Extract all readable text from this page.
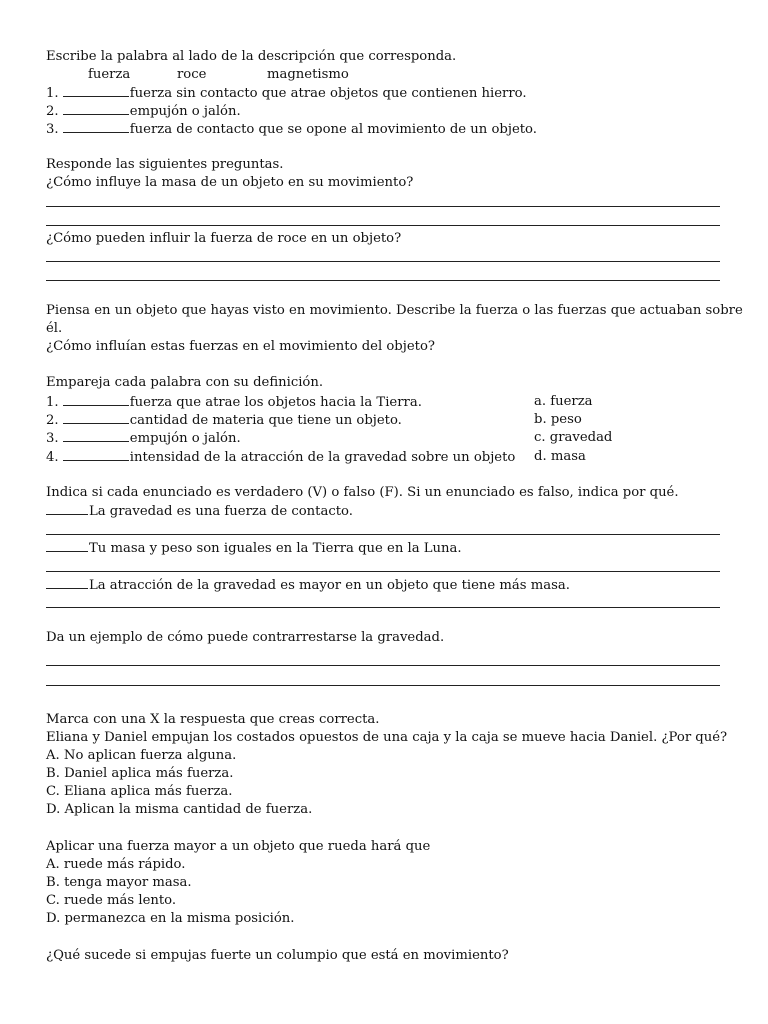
Escribe la palabra al lado de la descripción que corresponda.
fuerza	roce	magnetismo
1.	fuerza sin contacto que atrae objetos que contienen hierro.
2.	empujón o jalón.
3.	fuerza de contacto que se opone al movimiento de un objeto.
Responde las siguientes preguntas.
¿Cómo influye la masa de un objeto en su movimiento?
¿Cómo pueden influir la fuerza de roce en un objeto?
Piensa en un objeto que hayas visto en movimiento. Describe la fuerza o las fuerzas que actuaban sobre
él.
¿Cómo influían estas fuerzas en el movimiento del objeto?
Empareja cada palabra con su definición.
1.	fuerza que atrae los objetos hacia la Tierra.	a. fuerza
2.	cantidad de materia que tiene un objeto.	b. peso
3.	empujón o jalón.	c. gravedad
4.	intensidad de la atracción de la gravedad sobre un objeto d. masa
Indica si cada enunciado es verdadero (V) o falso (F). Si un enunciado es falso, indica por qué.
La gravedad es una fuerza de contacto.
Tu masa y peso son iguales en la Tierra que en la Luna.
La atracción de la gravedad es mayor en un objeto que tiene más masa.
Da un ejemplo de cómo puede contrarrestarse la gravedad.
Marca con una X la respuesta que creas correcta.
Eliana y Daniel empujan los costados opuestos de una caja y la caja se mueve hacia Daniel. ¿Por qué?
A. No aplican fuerza alguna.
B. Daniel aplica más fuerza.
C. Eliana aplica más fuerza.
D. Aplican la misma cantidad de fuerza.
Aplicar una fuerza mayor a un objeto que rueda hará que
A. ruede más rápido.
B. tenga mayor masa.
C. ruede más lento.
D. permanezca en la misma posición.
¿Qué sucede si empujas fuerte un columpio que está en movimiento?
